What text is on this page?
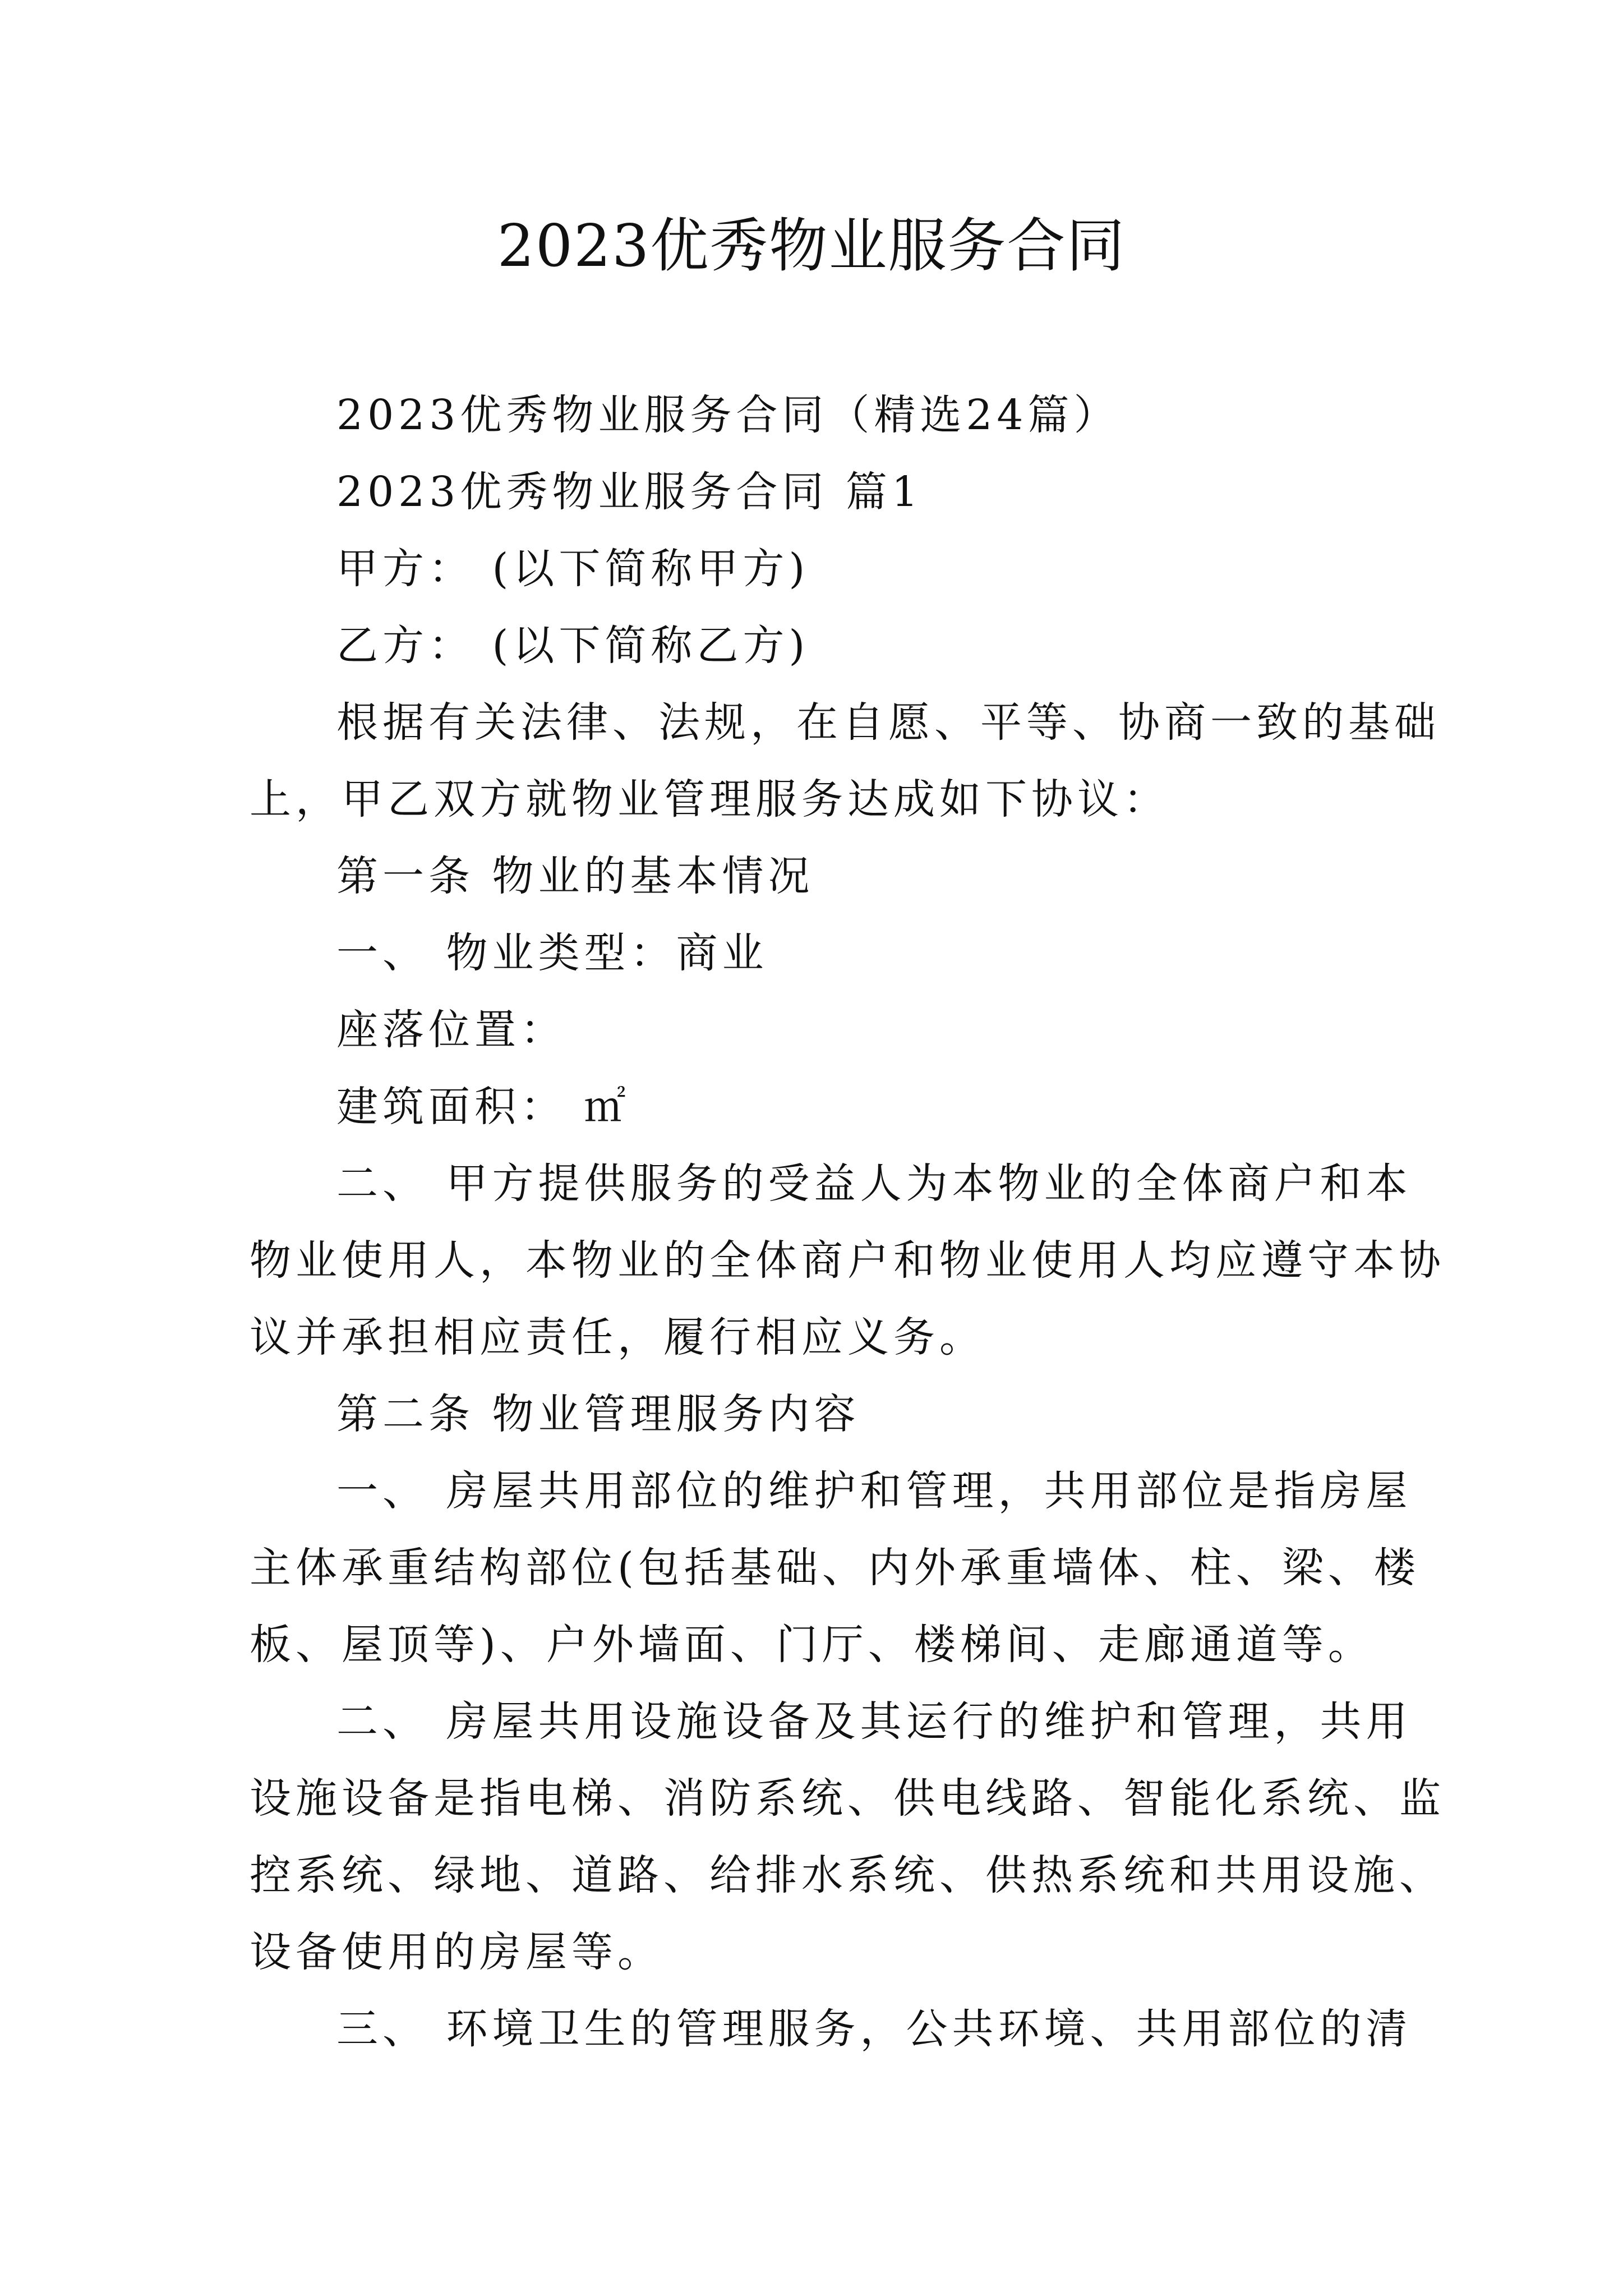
2023优秀物业服务合同

2023优秀物业服务合同（精选24篇）

2023优秀物业服务合同 篇1

甲方： (以下简称甲方)

乙方： (以下简称乙方)

根据有关法律、法规，在自愿、平等、协商一致的基础

上，甲乙双方就物业管理服务达成如下协议：

第一条 物业的基本情况

一、 物业类型：商业

座落位置：

建筑面积： ㎡

二、 甲方提供服务的受益人为本物业的全体商户和本

物业使用人，本物业的全体商户和物业使用人均应遵守本协

议并承担相应责任，履行相应义务。

第二条 物业管理服务内容

一、 房屋共用部位的维护和管理，共用部位是指房屋

主体承重结构部位(包括基础、内外承重墙体、柱、梁、楼

板、屋顶等)、户外墙面、门厅、楼梯间、走廊通道等。

二、 房屋共用设施设备及其运行的维护和管理，共用

设施设备是指电梯、消防系统、供电线路、智能化系统、监

控系统、绿地、道路、给排水系统、供热系统和共用设施、

设备使用的房屋等。

三、 环境卫生的管理服务，公共环境、共用部位的清
